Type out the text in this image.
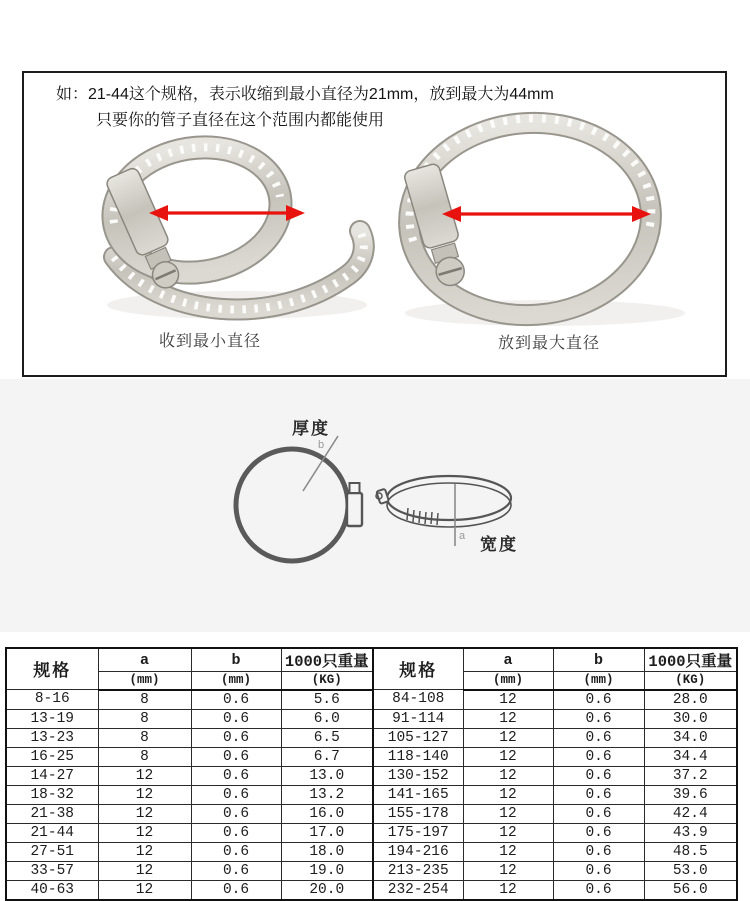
如：21-44这个规格，表示收缩到最小直径为21mm，放到最大为44mm
只要你的管子直径在这个范围内都能使用
收到最小直径	放到最大直径
厚度
b
a 宽度
规格	a	b	1000只重量	规格	a	b	1000只重量
	(mm)	(mm)	(KG)		(mm)	(mm)	(KG)
8-16	8	0.6	5.6	84-108	12	0.6	28.0
13-19	8	0.6	6.0	91-114	12	0.6	30.0
13-23	8	0.6	6.5	105-127	12	0.6	34.0
16-25	8	0.6	6.7	118-140	12	0.6	34.4
14-27	12	0.6	13.0	130-152	12	0.6	37.2
18-32	12	0.6	13.2	141-165	12	0.6	39.6
21-38	12	0.6	16.0	155-178	12	0.6	42.4
21-44	12	0.6	17.0	175-197	12	0.6	43.9
27-51	12	0.6	18.0	194-216	12	0.6	48.5
33-57	12	0.6	19.0	213-235	12	0.6	53.0
40-63	12	0.6	20.0	232-254	12	0.6	56.0
